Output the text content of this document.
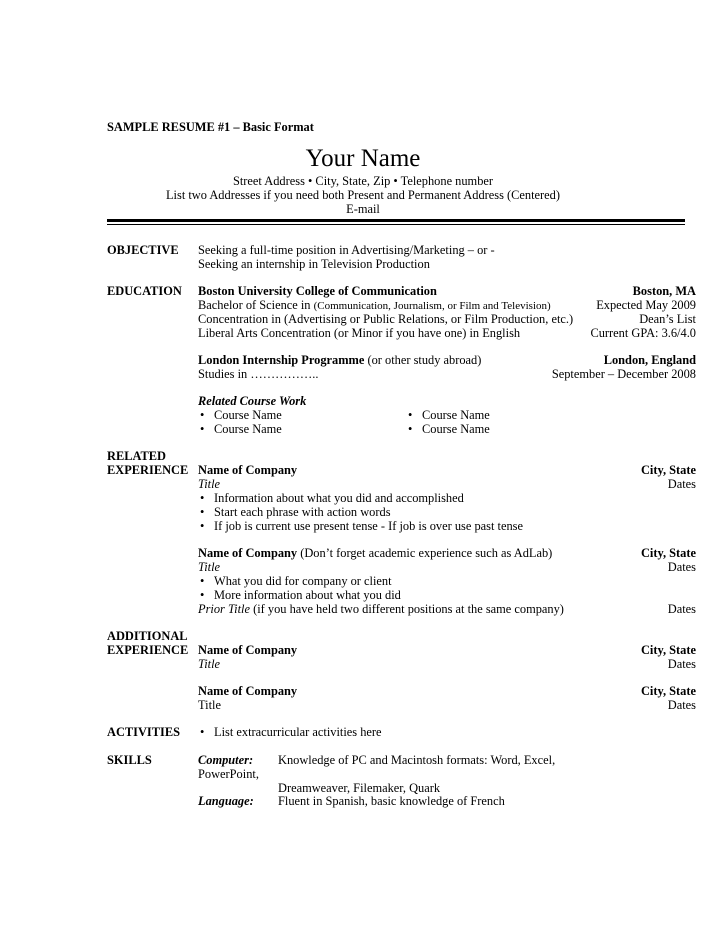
SAMPLE RESUME #1 – Basic Format
Your Name
Street Address • City, State, Zip • Telephone number
List two Addresses if you need both Present and Permanent Address (Centered)
E-mail
OBJECTIVE Seeking a full-time position in Advertising/Marketing – or -
Seeking an internship in Television Production
EDUCATION Boston University College of Communication	Boston, MA
Bachelor of Science in (Communication, Journalism, or Film and Television)	Expected May 2009
Concentration in (Advertising or Public Relations, or Film Production, etc.)	Dean’s List
Liberal Arts Concentration (or Minor if you have one) in English	Current GPA: 3.6/4.0
London Internship Programme (or other study abroad)	London, England
Studies in ……………..	September – December 2008
Related Course Work
• Course Name
• Course Name
• Course Name
• Course Name
RELATED
EXPERIENCE Name of Company	City, State
Title	Dates
• Information about what you did and accomplished
• Start each phrase with action words
• If job is current use present tense - If job is over use past tense
Name of Company (Don’t forget academic experience such as AdLab)	City, State
Title	Dates
• What you did for company or client
• More information about what you did
Prior Title (if you have held two different positions at the same company)	Dates
ADDITIONAL
EXPERIENCE Name of Company	City, State
Title	Dates
Name of Company	City, State
Title	Dates
ACTIVITIES
•	List extracurricular activities here
SKILLS	Computer: Knowledge of PC and Macintosh formats: Word, Excel,
PowerPoint,
Dreamweaver, Filemaker, Quark
Language: Fluent in Spanish, basic knowledge of French
